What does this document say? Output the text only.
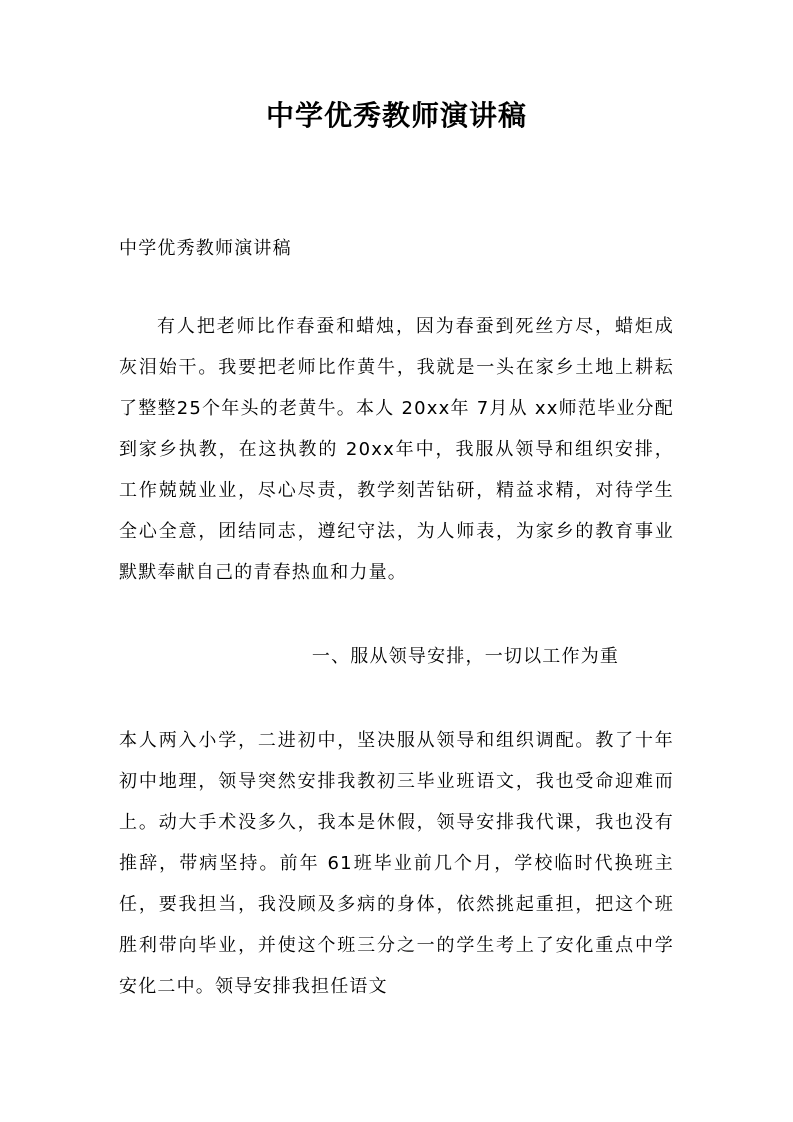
中学优秀教师演讲稿
中学优秀教师演讲稿
有人把老师比作春蚕和蜡烛，因为春蚕到死丝方尽，蜡炬成灰泪始干。我要把老师比作黄牛，我就是一头在家乡土地上耕耘了整整25个年头的老黄牛。本人 20xx年 7月从 xx师范毕业分配到家乡执教，在这执教的 20xx年中，我服从领导和组织安排，工作兢兢业业，尽心尽责，教学刻苦钻研，精益求精，对待学生全心全意，团结同志，遵纪守法，为人师表，为家乡的教育事业默默奉献自己的青春热血和力量。
一、服从领导安排，一切以工作为重
本人两入小学，二进初中，坚决服从领导和组织调配。教了十年初中地理，领导突然安排我教初三毕业班语文，我也受命迎难而上。动大手术没多久，我本是休假，领导安排我代课，我也没有推辞，带病坚持。前年 61班毕业前几个月，学校临时代换班主任，要我担当，我没顾及多病的身体，依然挑起重担，把这个班胜利带向毕业，并使这个班三分之一的学生考上了安化重点中学安化二中。领导安排我担任语文
